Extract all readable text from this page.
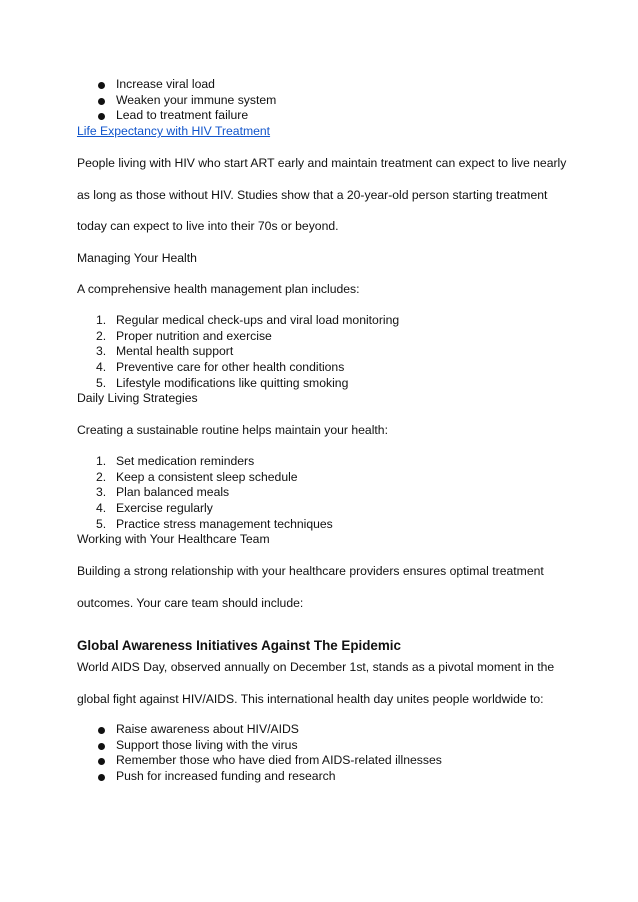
Increase viral load
Weaken your immune system
Lead to treatment failure

Life Expectancy with HIV Treatment

People living with HIV who start ART early and maintain treatment can expect to live nearly

as long as those without HIV. Studies show that a 20-year-old person starting treatment

today can expect to live into their 70s or beyond.

Managing Your Health

A comprehensive health management plan includes:

1. Regular medical check-ups and viral load monitoring
2. Proper nutrition and exercise
3. Mental health support
4. Preventive care for other health conditions
5. Lifestyle modifications like quitting smoking

Daily Living Strategies

Creating a sustainable routine helps maintain your health:

1. Set medication reminders
2. Keep a consistent sleep schedule
3. Plan balanced meals
4. Exercise regularly
5. Practice stress management techniques

Working with Your Healthcare Team

Building a strong relationship with your healthcare providers ensures optimal treatment

outcomes. Your care team should include:

Global Awareness Initiatives Against The Epidemic

World AIDS Day, observed annually on December 1st, stands as a pivotal moment in the

global fight against HIV/AIDS. This international health day unites people worldwide to:

Raise awareness about HIV/AIDS
Support those living with the virus
Remember those who have died from AIDS-related illnesses
Push for increased funding and research
